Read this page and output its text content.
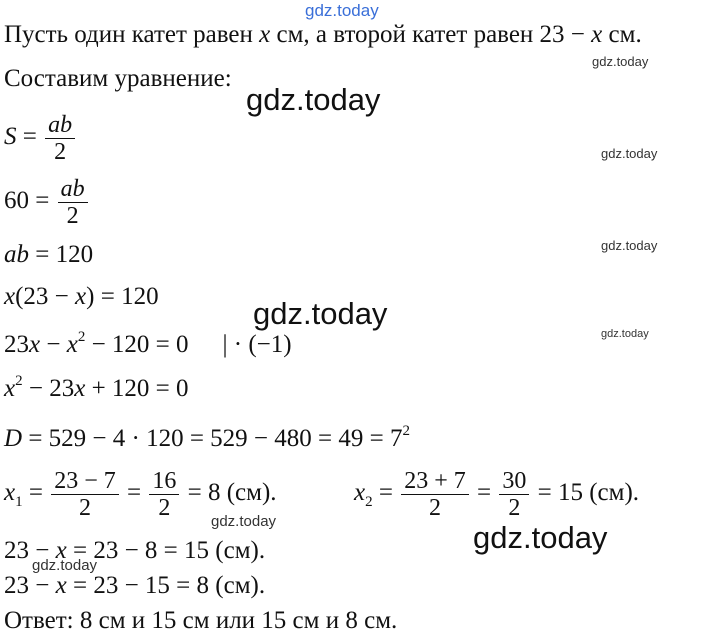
gdz.today
gdz.today
gdz.today
gdz.today
gdz.today
gdz.today
gdz.today
gdz.today	gdz.today
gdz.today
Пусть один катет равен x см, а второй катет равен 23 − x см.
Составим уравнение:
$S = \frac{ab}{2}$
$60 = \frac{ab}{2}$
ab = 120
x(23 − x) = 120
$23x - x^2 - 120 = 0$ | · (−1)
$x^2 - 23x + 120 = 0$
$D = 529 - 4 \cdot 120 = 529 - 480 = 49 = 7^2$
$x_1 = \frac{23 - 7}{2} = \frac{16}{2} = 8$ (см).	$x_2 = \frac{23 + 7}{2} = \frac{30}{2} = 15$ (см).
23 − x = 23 − 8 = 15 (см).
23 − x = 23 − 15 = 8 (см).
Ответ: 8 см и 15 см или 15 см и 8 см.
